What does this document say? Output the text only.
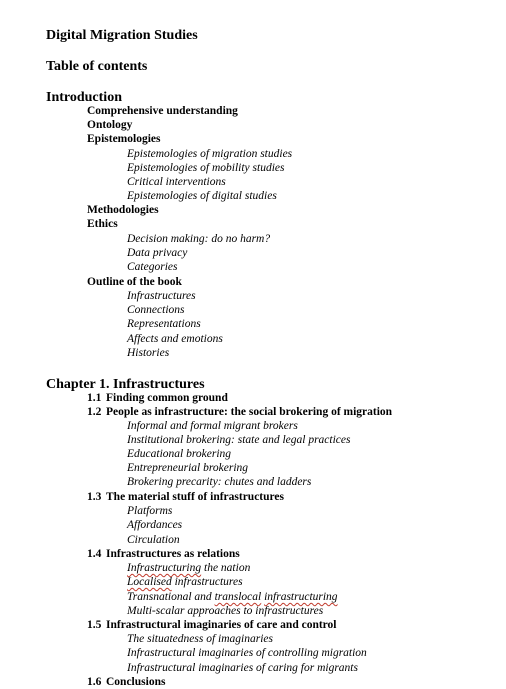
Digital Migration Studies
Table of contents
Introduction
Comprehensive understanding
Ontology
Epistemologies
Epistemologies of migration studies
Epistemologies of mobility studies
Critical interventions
Epistemologies of digital studies
Methodologies
Ethics
Decision making: do no harm?
Data privacy
Categories
Outline of the book
Infrastructures
Connections
Representations
Affects and emotions
Histories
Chapter 1. Infrastructures
1.1 Finding common ground
1.2 People as infrastructure: the social brokering of migration
Informal and formal migrant brokers
Institutional brokering: state and legal practices
Educational brokering
Entrepreneurial brokering
Brokering precarity: chutes and ladders
1.3 The material stuff of infrastructures
Platforms
Affordances
Circulation
1.4 Infrastructures as relations
Infrastructuring the nation
Localised infrastructures
Transnational and translocal infrastructuring
Multi-scalar approaches to infrastructures
1.5 Infrastructural imaginaries of care and control
The situatedness of imaginaries
Infrastructural imaginaries of controlling migration
Infrastructural imaginaries of caring for migrants
1.6 Conclusions
